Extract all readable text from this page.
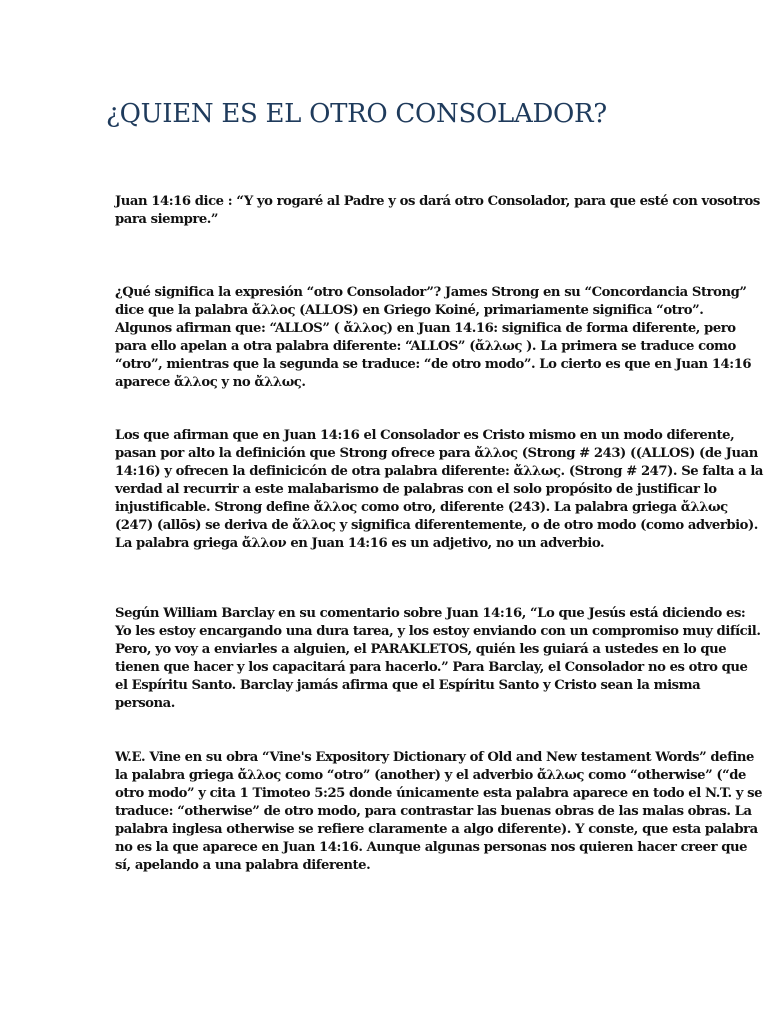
¿QUIEN ES EL OTRO CONSOLADOR?

Juan 14:16 dice : “Y yo rogaré al Padre y os dará otro Consolador, para que esté con vosotros para siempre.”

¿Qué significa la expresión “otro Consolador”? James Strong en su “Concordancia Strong” dice que la palabra ἄλλος (ALLOS) en Griego Koiné, primariamente significa “otro”. Algunos afirman que: “ALLOS” ( ἄλλος) en Juan 14.16: significa de forma diferente, pero para ello apelan a otra palabra diferente: “ALLOS” (ἄλλως ). La primera se traduce como “otro”, mientras que la segunda se traduce: “de otro modo”. Lo cierto es que en Juan 14:16 aparece ἄλλος y no ἄλλως.

Los que afirman que en Juan 14:16 el Consolador es Cristo mismo en un modo diferente, pasan por alto la definición que Strong ofrece para ἄλλος (Strong # 243) ((ALLOS) (de Juan 14:16) y ofrecen la definicicón de otra palabra diferente: ἄλλως. (Strong # 247). Se falta a la verdad al recurrir a este malabarismo de palabras con el solo propósito de justificar lo injustificable. Strong define ἄλλος como otro, diferente (243). La palabra griega ἄλλως (247) (allōs) se deriva de ἄλλος y significa diferentemente, o de otro modo (como adverbio). La palabra griega ἄλλον en Juan 14:16 es un adjetivo, no un adverbio.

Según William Barclay en su comentario sobre Juan 14:16, “Lo que Jesús está diciendo es: Yo les estoy encargando una dura tarea, y los estoy enviando con un compromiso muy difícil. Pero, yo voy a enviarles a alguien, el PARAKLETOS, quién les guiará a ustedes en lo que tienen que hacer y los capacitará para hacerlo.” Para Barclay, el Consolador no es otro que el Espíritu Santo. Barclay jamás afirma que el Espíritu Santo y Cristo sean la misma persona.

W.E. Vine en su obra “Vine's Expository Dictionary of Old and New testament Words” define la palabra griega ἄλλος como “otro” (another) y el adverbio ἄλλως como “otherwise” (“de otro modo” y cita 1 Timoteo 5:25 donde únicamente esta palabra aparece en todo el N.T. y se traduce: “otherwise” de otro modo, para contrastar las buenas obras de las malas obras. La palabra inglesa otherwise se refiere claramente a algo diferente). Y conste, que esta palabra no es la que aparece en Juan 14:16. Aunque algunas personas nos quieren hacer creer que sí, apelando a una palabra diferente.
